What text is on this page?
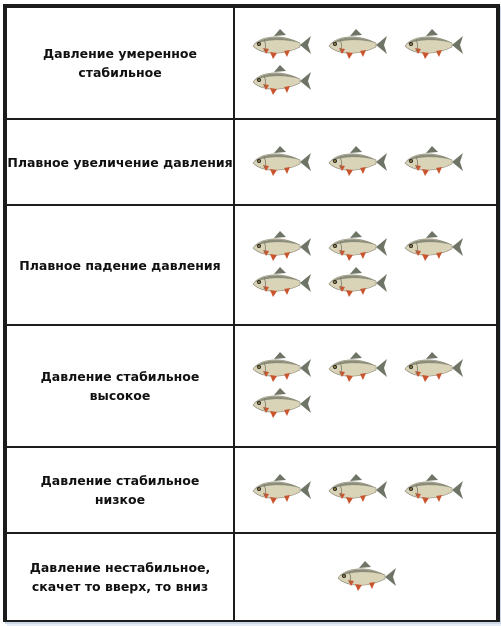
Давление умеренное
стабильное

Плавное увеличение давления

Плавное падение давления

Давление стабильное
высокое

Давление стабильное
низкое

Давление нестабильное,
скачет то вверх, то вниз
